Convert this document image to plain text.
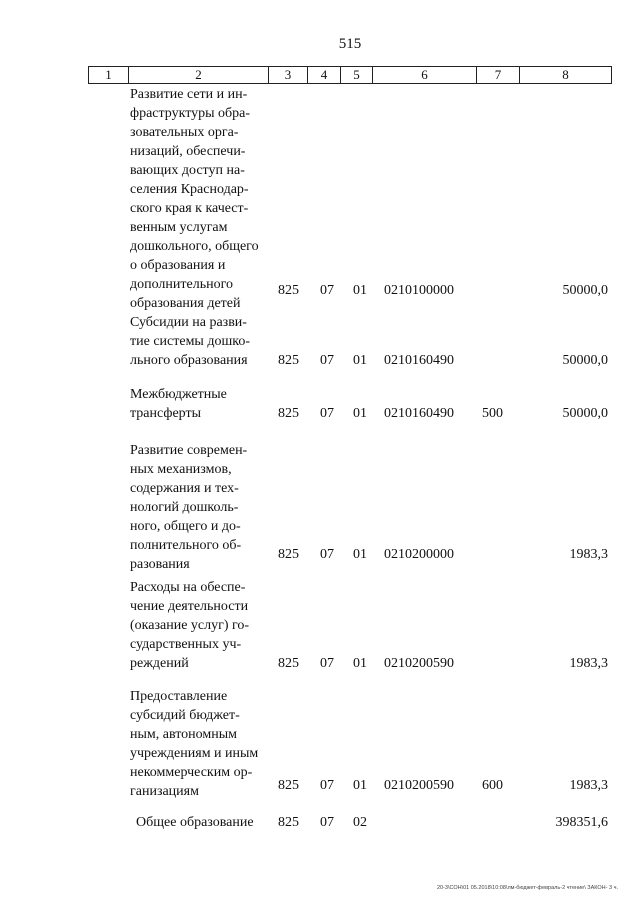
515
1	2	3	4	5	6	7	8
Развитие сети и ин-
фраструктуры обра-
зовательных орга-
низаций, обеспечи-
вающих доступ на-
селения Краснодар-
ского края к качест-
венным услугам
дошкольного, общего
о образования и
дополнительного
образования детей
825 07 01 0210100000	50000,0
Субсидии на разви-
тие системы дошко-
льного образования	825 07 01 0210160490	50000,0
Межбюджетные
трансферты	825 07 01 0210160490 500	50000,0
Развитие современ-
ных механизмов,
содержания и тех-
нологий дошколь-
ного, общего и до-
полнительного об-
разования
825 07 01 0210200000	1983,3
Расходы на обеспе-
чение деятельности
(оказание услуг) го-
сударственных уч-
реждений	825 07 01 0210200590	1983,3
Предоставление
субсидий бюджет-
ным, автономным
учреждениям и иным
некоммерческим ор-
ганизациям	825 07 01 0210200590 600	1983,3
Общее образование	825 07 02	398351,6
20-3\СОН\01 05.2018\10:08\лм-бюджет-февраль-2 чтение\ ЗАКОН- 3 ч.
